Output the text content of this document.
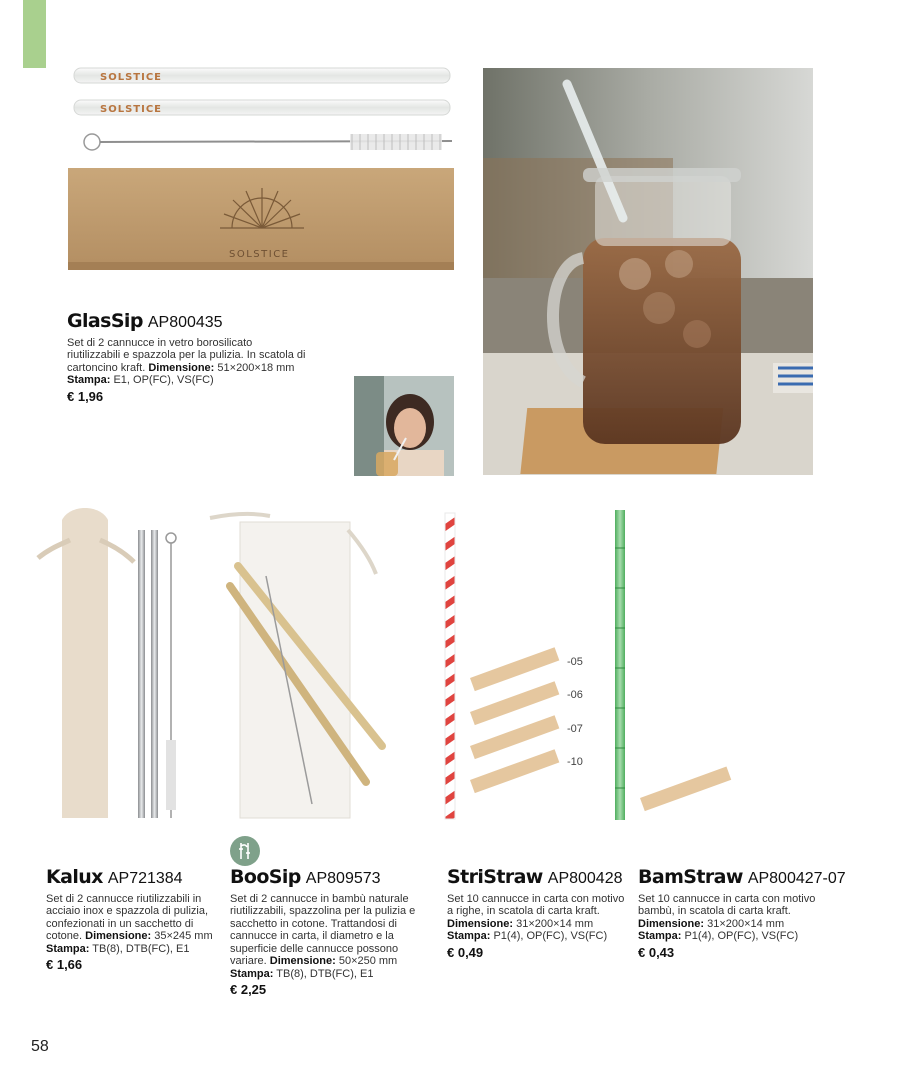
SOLSTICE
SOLSTICE
SOLSTICE
-05
-06
-07
-10
GlasSip AP800435
Set di 2 cannucce in vetro borosilicato riutilizzabili e spazzola per la pulizia. In scatola di cartoncino kraft. Dimensione: 51×200×18 mm
Stampa: E1, OP(FC), VS(FC)
€ 1,96
Kalux AP721384
Set di 2 cannucce riutilizzabili in acciaio inox e spazzola di pulizia, confezionati in un sacchetto di cotone. Dimensione: 35×245 mm
Stampa: TB(8), DTB(FC), E1
€ 1,66
BooSip AP809573
Set di 2 cannucce in bambù naturale riutilizzabili, spazzolina per la pulizia e sacchetto in cotone. Trattandosi di cannucce in carta, il diametro e la superficie delle cannucce possono variare. Dimensione: 50×250 mm Stampa: TB(8), DTB(FC), E1
€ 2,25
StriStraw AP800428
Set 10 cannucce in carta con motivo a righe, in scatola di carta kraft. Dimensione: 31×200×14 mm
Stampa: P1(4), OP(FC), VS(FC)
€ 0,49
BamStraw AP800427-07
Set 10 cannucce in carta con motivo bambù, in scatola di carta kraft. Dimensione: 31×200×14 mm
Stampa: P1(4), OP(FC), VS(FC)
€ 0,43
58
